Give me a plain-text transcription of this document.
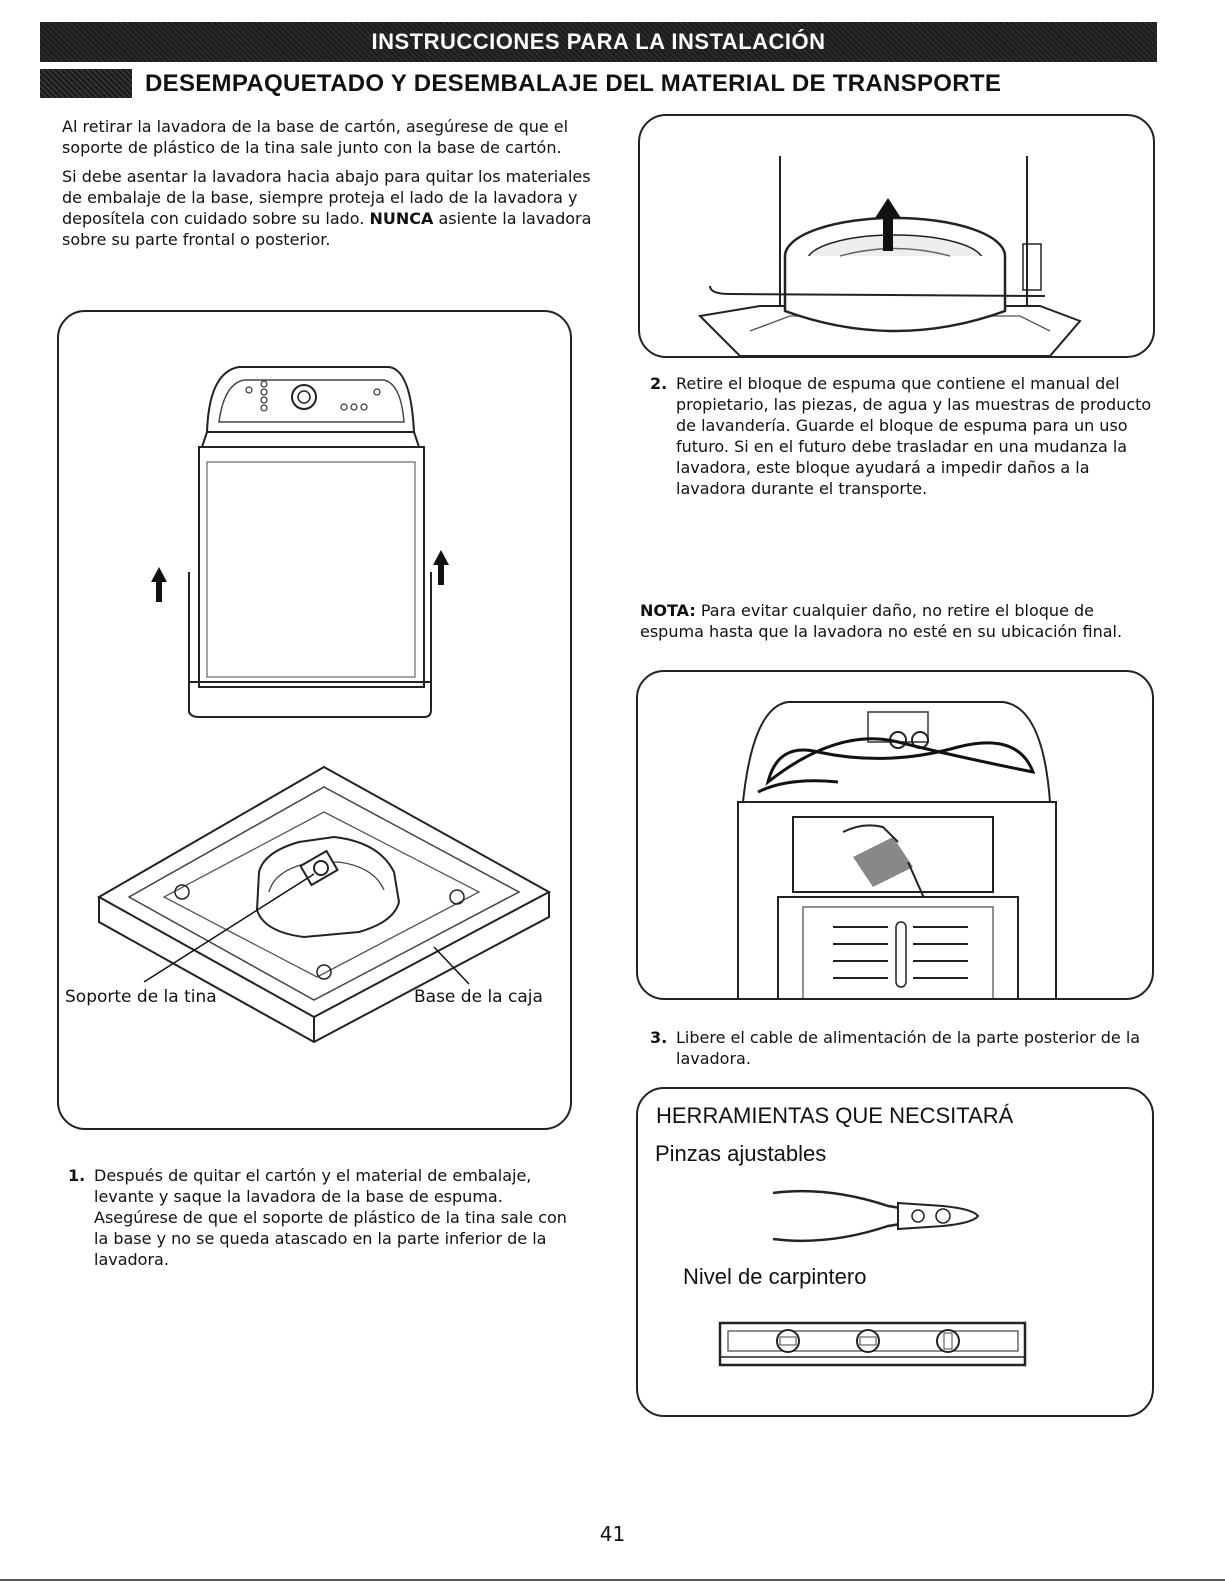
INSTRUCCIONES PARA LA INSTALACIÓN
DESEMPAQUETADO Y DESEMBALAJE DEL MATERIAL DE TRANSPORTE

Al retirar la lavadora de la base de cartón, asegúrese de que el soporte de plástico de la tina sale junto con la base de cartón.

Si debe asentar la lavadora hacia abajo para quitar los materiales de embalaje de la base, siempre proteja el lado de la lavadora y deposítela con cuidado sobre su lado. NUNCA asiente la lavadora sobre su parte frontal o posterior.

Soporte de la tina	Base de la caja
1. Después de quitar el cartón y el material de embalaje, levante y saque la lavadora de la base de espuma. Asegúrese de que el soporte de plástico de la tina sale con la base y no se queda atascado en la parte inferior de la lavadora.
2. Retire el bloque de espuma que contiene el manual del propietario, las piezas, de agua y las muestras de producto de lavandería. Guarde el bloque de espuma para un uso futuro. Si en el futuro debe trasladar en una mudanza la lavadora, este bloque ayudará a impedir daños a la lavadora durante el transporte.

NOTA: Para evitar cualquier daño, no retire el bloque de espuma hasta que la lavadora no esté en su ubicación final.

3. Libere el cable de alimentación de la parte posterior de la lavadora.
HERRAMIENTAS QUE NECSITARÁ
Pinzas ajustables
Nivel de carpintero
41
